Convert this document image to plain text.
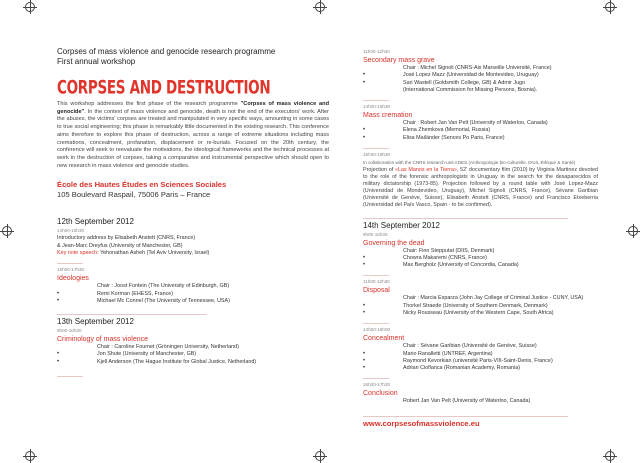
Corpses of mass violence and genocide research programme
First annual workshop
CORPSES AND DESTRUCTION

This workshop addresses the first phase of the research programme "Corpses of mass violence and genocide". In the context of mass violence and genocide, death is not the end of the executors' work. After the abuses, the victims' corpses are treated and manipulated in very specific ways, amounting in some cases to true social engineering; this phase is remarkably little documented in the existing research. This conference aims therefore to explore this phase of destruction, across a range of extreme situations including mass cremations, concealment, profanation, displacement or re-burials. Focused on the 20th century, the conference will seek to reevaluate the motivations, the ideological frameworks and the technical processes at work in the destruction of corpses, taking a comparative and instrumental perspective which should open to new research in mass violence and genocide studies.

École des Hautes Études en Sciences Sociales
105 Boulevard Raspail, 75006 Paris – France
12th September 2012
14h00-15h30
Introductory address by Elisabeth Anstett (CNRS, France)
& Jean-Marc Dreyfus (University of Manchester, GB)
Key note speech: Yehonathan Asheh (Tel Aviv University, Israel)
16h00-17h30
Ideologies
Chair : Joost Fontein (The University of Edinburgh, GB)
• Remi Korman (EHESS, France)
• Michael Mc Connel (The University of Tennessee, USA)
13th September 2012
9h00-10h30
Criminology of mass violence
Chair : Caroline Fournet (Gröningen University, Netherland)
• Jon Shute (University of Manchester, GB)
• Kjell Anderson (The Hague Institute for Global Justice, Netherland)
11h00-12h30
Secondary mass grave
Chair : Michel Signoli (CNRS-Aix Marseille Université, France)
• José Lopez Mazz (Universidad de Montevideo, Uruguay)
• Sari Wastell (Goldsmith College, GB) & Admir Jugo
(International Commission for Missing Persons, Bosnia).
14h00-15h30
Mass cremation
Chair : Robert Jan Van Pelt (University of Waterloo, Canada)
• Elena Zhemkova (Memorial, Russia)
• Elisa Mailänder (Sences Po Paris, France)
16h30-18h30
In collaboration with the CNRS research-unit ADES (Anthropologie bio-culturelle, Droit, Éthique & Santé)

Projection of «Las Manos en la Tierra», 52' documentary film (2010) by Virginia Martinez devoted to the role of the forensic anthropologists in Uruguay in the search for the desaparecidos of military dictatorship (1973-85). Projection followed by a round table with José Lopez-Mazz (Universidad de Mondevideo, Uruguay), Michel Signoli (CNRS, France), Sévane Garibian (Université de Genève, Suisse), Elisabeth Anstett (CNRS, France) and Francisco Etxeberria (Universidad del País Vasco, Spain - to be confirmed).

14th September 2012
9h00-10h30
Governing the dead
Chair: Finn Stepputat (DIIS, Denmark)
• Chowra Makaremi (CNRS, France)
• Max Bergholz (University of Concordia, Canada)
11h00-12h30
Disposal
Chair : Marcia Esparza (John Jay College of Criminal Justice - CUNY, USA)
• Thorkel Straede (University of Southern Denmark, Denmark)
• Nicky Rousseau (University of the Western Cape, South Africa)
14h00-16h00
Concealment
Chair : Sévane Garibian (Université de Genève, Suisse)
• Mario Ranalletti (UNTREF, Argentina)
• Raymond Kevorkian (université Paris-VIII-Saint-Denis, France)
• Adrian Cioflanca (Romanian Academy, Romania)
16h30-17h30
Conclusion
Robert Jan Van Pelt (University of Waterloo, Canada)
www.corpsesofmassviolence.eu
